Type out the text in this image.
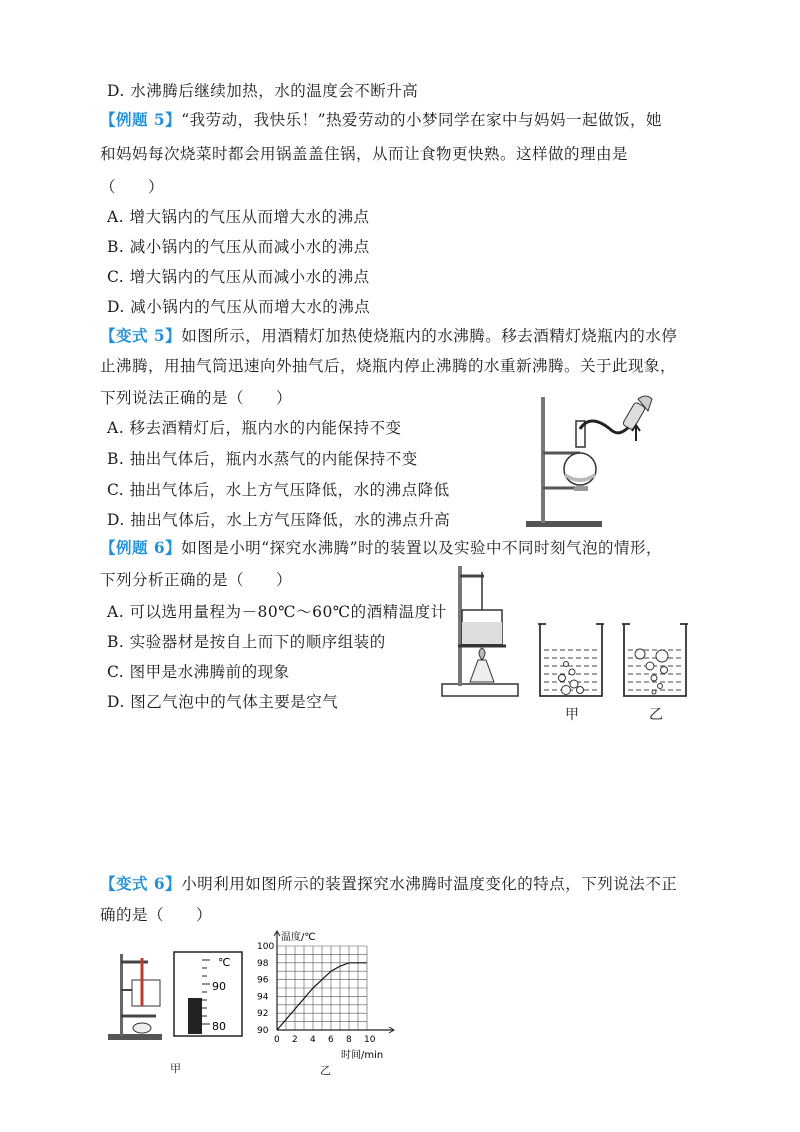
D. 水沸腾后继续加热，水的温度会不断升高
【例题 5】“我劳动，我快乐！”热爱劳动的小梦同学在家中与妈妈一起做饭，她
和妈妈每次烧菜时都会用锅盖盖住锅，从而让食物更快熟。这样做的理由是
（　　）
A. 增大锅内的气压从而增大水的沸点
B. 减小锅内的气压从而减小水的沸点
C. 增大锅内的气压从而减小水的沸点
D. 减小锅内的气压从而增大水的沸点
【变式 5】如图所示，用酒精灯加热使烧瓶内的水沸腾。移去酒精灯烧瓶内的水停
止沸腾，用抽气筒迅速向外抽气后，烧瓶内停止沸腾的水重新沸腾。关于此现象，
下列说法正确的是（　　）
A. 移去酒精灯后，瓶内水的内能保持不变
B. 抽出气体后，瓶内水蒸气的内能保持不变
C. 抽出气体后，水上方气压降低，水的沸点降低
D. 抽出气体后，水上方气压降低，水的沸点升高
【例题 6】如图是小明“探究水沸腾”时的装置以及实验中不同时刻气泡的情形，
下列分析正确的是（　　）
A. 可以选用量程为－80℃～60℃的酒精温度计
B. 实验器材是按自上而下的顺序组装的
C. 图甲是水沸腾前的现象
D. 图乙气泡中的气体主要是空气
甲	乙
【变式 6】小明利用如图所示的装置探究水沸腾时温度变化的特点，下列说法不正
确的是（　　）
℃
90
80
甲
0 2 4 6 8 10
90
92
94
96
98
100
温度/℃
时间/min
乙
